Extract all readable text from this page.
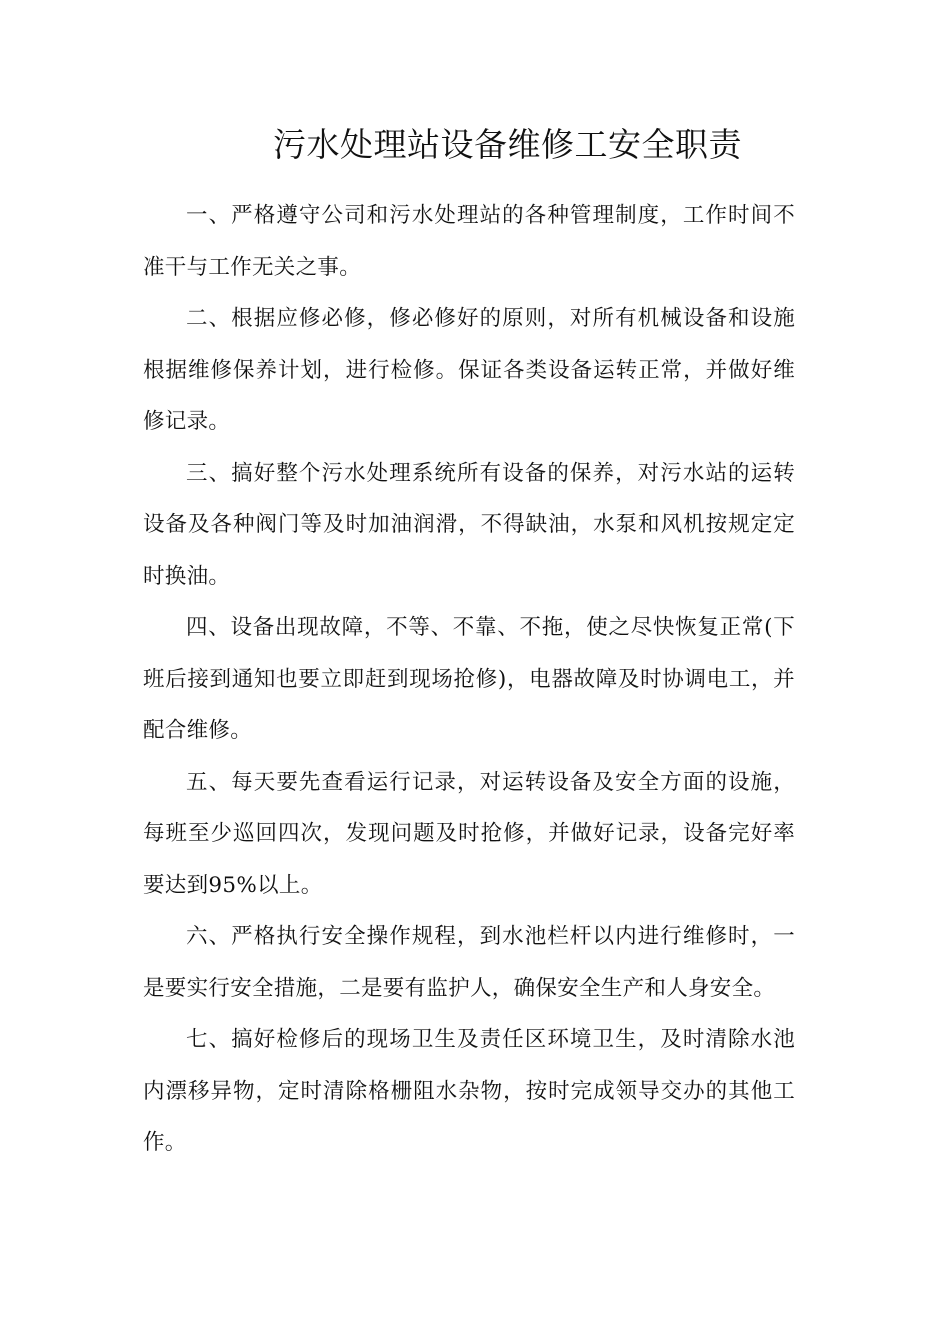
污水处理站设备维修工安全职责

一、严格遵守公司和污水处理站的各种管理制度，工作时间不准干与工作无关之事。

二、根据应修必修，修必修好的原则，对所有机械设备和设施根据维修保养计划，进行检修。保证各类设备运转正常，并做好维修记录。

三、搞好整个污水处理系统所有设备的保养，对污水站的运转设备及各种阀门等及时加油润滑，不得缺油，水泵和风机按规定定时换油。

四、设备出现故障，不等、不靠、不拖，使之尽快恢复正常(下班后接到通知也要立即赶到现场抢修)，电器故障及时协调电工，并配合维修。

五、每天要先查看运行记录，对运转设备及安全方面的设施，每班至少巡回四次，发现问题及时抢修，并做好记录，设备完好率要达到95%以上。

六、严格执行安全操作规程，到水池栏杆以内进行维修时，一是要实行安全措施，二是要有监护人，确保安全生产和人身安全。

七、搞好检修后的现场卫生及责任区环境卫生，及时清除水池内漂移异物，定时清除格栅阻水杂物，按时完成领导交办的其他工作。
